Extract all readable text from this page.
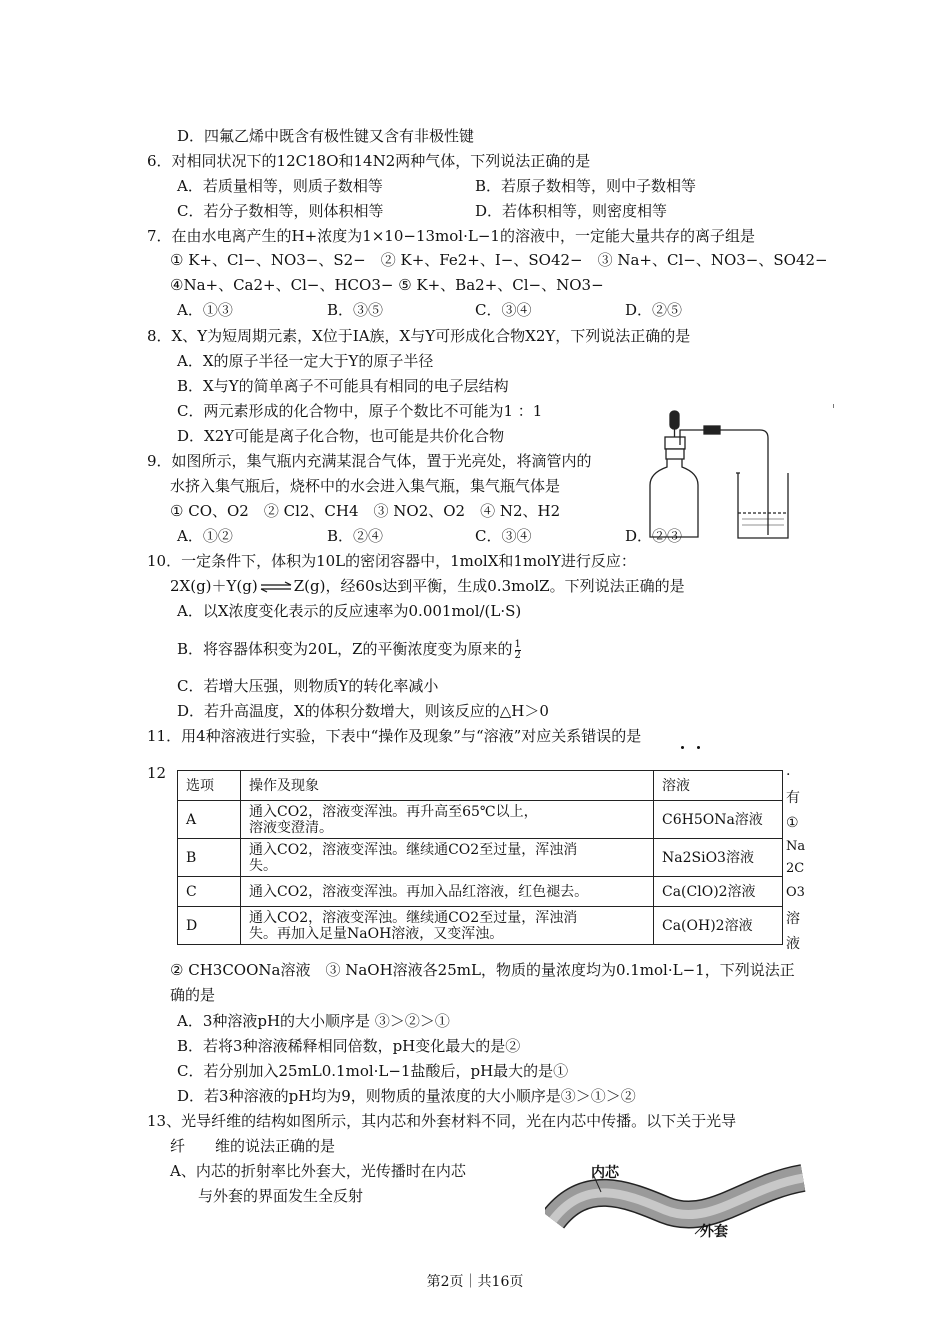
D．四氟乙烯中既含有极性键又含有非极性键
6．对相同状况下的12C18O和14N2两种气体，下列说法正确的是
A．若质量相等，则质子数相等	B．若原子数相等，则中子数相等
C．若分子数相等，则体积相等	D．若体积相等，则密度相等
7．在由水电离产生的H+浓度为1×10−13mol·L−1的溶液中，一定能大量共存的离子组是
① K+、Cl−、NO3−、S2−　② K+、Fe2+、I−、SO42−　③ Na+、Cl−、NO3−、SO42−
④Na+、Ca2+、Cl−、HCO3− ⑤ K+、Ba2+、Cl−、NO3−
A．①③	B．③⑤	C．③④	D．②⑤
8．X、Y为短周期元素，X位于IA族，X与Y可形成化合物X2Y，下列说法正确的是
A．X的原子半径一定大于Y的原子半径
B．X与Y的简单离子不可能具有相同的电子层结构
C．两元素形成的化合物中，原子个数比不可能为1 ：1
D．X2Y可能是离子化合物，也可能是共价化合物
9．如图所示，集气瓶内充满某混合气体，置于光亮处，将滴管内的
水挤入集气瓶后，烧杯中的水会进入集气瓶，集气瓶气体是
① CO、O2　② Cl2、CH4　③ NO2、O2　④ N2、H2
A．①②	B．②④	C．③④	D．②③
10．一定条件下，体积为10L的密闭容器中，1molX和1molY进行反应：
2X(g)＋Y(g) ⇌ Z(g)，经60s达到平衡，生成0.3molZ。下列说法正确的是
A．以X浓度变化表示的反应速率为0.001mol/(L·S)
B．将容器体积变为20L，Z的平衡浓度变为原来的 $\frac{1}{2}$
C．若增大压强，则物质Y的转化率减小
D．若升高温度，X的体积分数增大，则该反应的△H＞0
11．用4种溶液进行实验，下表中“操作及现象”与“溶液”对应关系错误的是
12
选项	操作及现象	溶液
A	通入CO2，溶液变浑浊。再升高至65℃以上，
溶液变澄清。	C6H5ONa溶液
B	通入CO2，溶液变浑浊。继续通CO2至过量，浑浊消
失。	Na2SiO3溶液
C	通入CO2，溶液变浑浊。再加入品红溶液，红色褪去。	Ca(ClO)2溶液
D	通入CO2，溶液变浑浊。继续通CO2至过量，浑浊消
失。再加入足量NaOH溶液，又变浑浊。	Ca(OH)2溶液
.
有
①
Na
2C
O3
溶
液
② CH3COONa溶液　③ NaOH溶液各25mL，物质的量浓度均为0.1mol·L−1，下列说法正
确的是
A．3种溶液pH的大小顺序是 ③＞②＞①
B．若将3种溶液稀释相同倍数，pH变化最大的是②
C．若分别加入25mL0.1mol·L−1盐酸后，pH最大的是①
D．若3种溶液的pH均为9，则物质的量浓度的大小顺序是③＞①＞②
13、光导纤维的结构如图所示，其内芯和外套材料不同，光在内芯中传播。以下关于光导
纤　　维的说法正确的是
A、内芯的折射率比外套大，光传播时在内芯
与外套的界面发生全反射
内芯
外套
第2页｜共16页
